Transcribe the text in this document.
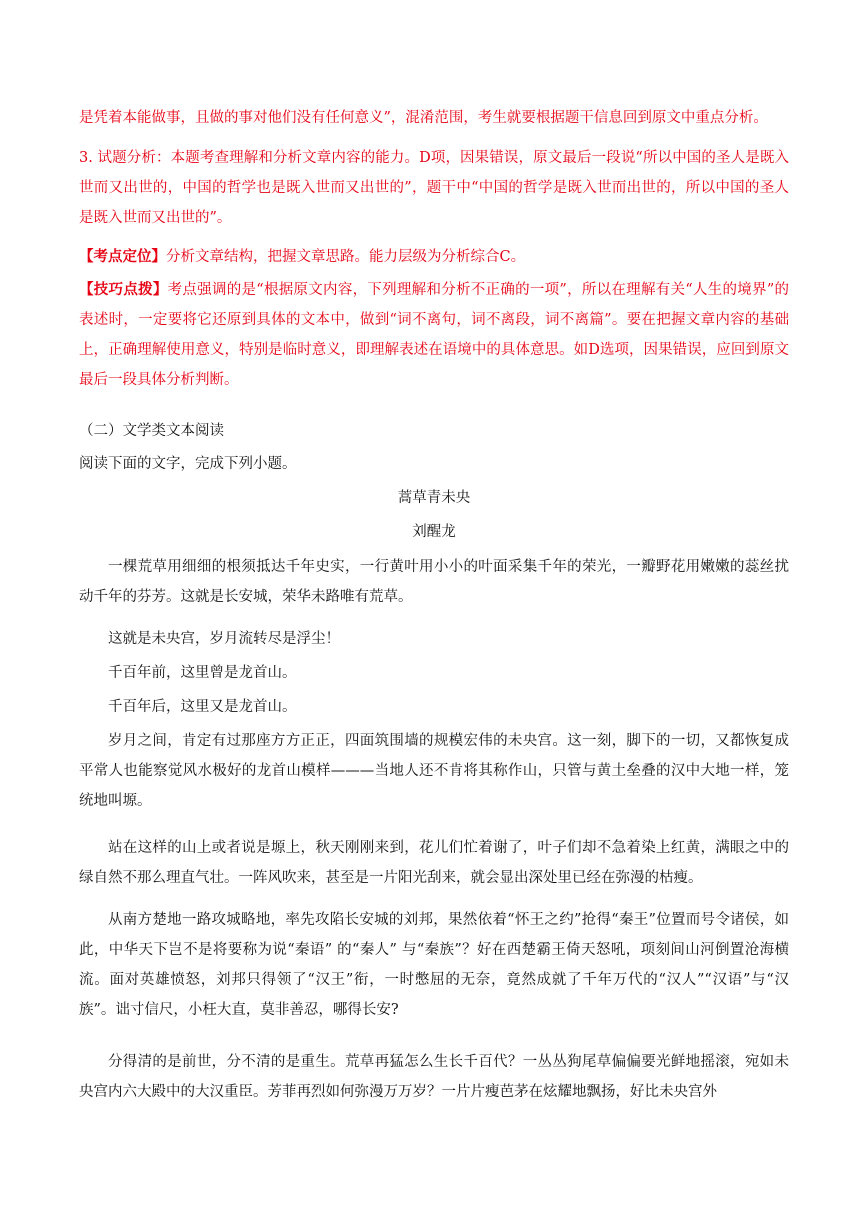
是凭着本能做事，且做的事对他们没有任何意义”，混淆范围，考生就要根据题干信息回到原文中重点分析。

3. 试题分析：本题考查理解和分析文章内容的能力。D项，因果错误，原文最后一段说“所以中国的圣人是既入世而又出世的，中国的哲学也是既入世而又出世的”，题干中“中国的哲学是既入世而出世的，所以中国的圣人是既入世而又出世的”。

【考点定位】分析文章结构，把握文章思路。能力层级为分析综合C。

【技巧点拨】考点强调的是“根据原文内容，下列理解和分析不正确的一项”，所以在理解有关“人生的境界”的表述时，一定要将它还原到具体的文本中，做到“词不离句，词不离段，词不离篇”。要在把握文章内容的基础上，正确理解使用意义，特别是临时意义，即理解表述在语境中的具体意思。如D选项，因果错误，应回到原文最后一段具体分析判断。

（二）文学类文本阅读

阅读下面的文字，完成下列小题。

蒿草青未央

刘醒龙

一棵荒草用细细的根须抵达千年史实，一行黄叶用小小的叶面采集千年的荣光，一瓣野花用嫩嫩的蕊丝扰动千年的芬芳。这就是长安城，荣华未路唯有荒草。

这就是未央宫，岁月流转尽是浮尘！

千百年前，这里曾是龙首山。

千百年后，这里又是龙首山。

岁月之间，肯定有过那座方方正正，四面筑围墙的规模宏伟的未央宫。这一刻，脚下的一切，又都恢复成平常人也能察觉风水极好的龙首山模样———当地人还不肯将其称作山，只管与黄土垒叠的汉中大地一样，笼统地叫塬。

站在这样的山上或者说是塬上，秋天刚刚来到，花儿们忙着谢了，叶子们却不急着染上红黄，满眼之中的绿自然不那么理直气壮。一阵风吹来，甚至是一片阳光刮来，就会显出深处里已经在弥漫的枯瘦。

从南方楚地一路攻城略地，率先攻陷长安城的刘邦，果然依着“怀王之约”抢得“秦王”位置而号令诸侯，如此，中华天下岂不是将要称为说“秦语” 的“秦人” 与“秦族”？好在西楚霸王倚天怒吼，项刻间山河倒置沧海横流。面对英雄愤怒，刘邦只得领了“汉王”衔，一时憋屈的无奈，竟然成就了千年万代的“汉人”“汉语”与“汉族”。诎寸信尺，小枉大直，莫非善忍，哪得长安?

分得清的是前世，分不清的是重生。荒草再猛怎么生长千百代？一丛丛狗尾草偏偏要光鲜地摇滚，宛如未央宫内六大殿中的大汉重臣。芳菲再烈如何弥漫万万岁？一片片瘦芭茅在炫耀地飘扬，好比未央宫外
